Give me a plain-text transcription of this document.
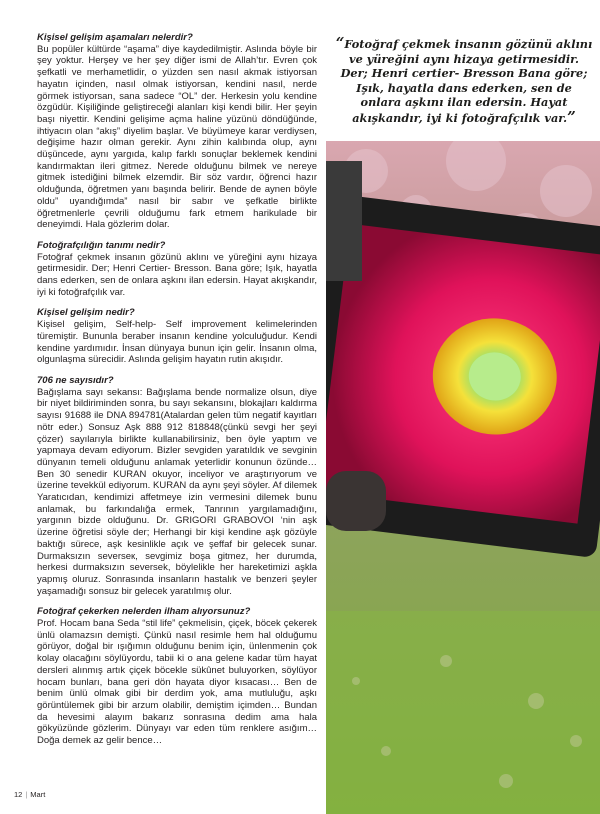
Kişisel gelişim aşamaları nelerdir?

Bu popüler kültürde “aşama” diye kaydedilmiştir. Aslında böyle bir şey yoktur. Herşey ve her şey diğer ismi de Allah’tır. Evren çok şefkatli ve merhametlidir, o yüzden sen nasıl akmak istiyorsan hayatın içinden, nasıl olmak istiyorsan, kendini nasıl, nerde görmek istiyorsan, sana sadece “OL” der. Herkesin yolu kendine özgüdür. Kişiliğinde geliştireceği alanları kişi kendi bilir. Her şeyin başı niyettir. Kendini gelişime açma haline yüzünü döndüğünde, ihtiyacın olan “akış” diyelim başlar. Ve büyümeye karar verdiysen, değişime hazır olman gerekir. Aynı zihin kalıbında olup, aynı düşüncede, aynı yargıda, kalıp farklı sonuçlar beklemek kendini kandırmaktan ileri gitmez. Nerede olduğunu bilmek ve nereye gitmek istediğini bilmek elzemdir. Bir söz vardır, öğrenci hazır olduğunda, öğretmen yanı başında belirir. Bende de aynen böyle oldu” uyandığımda” nasıl bir sabır ve şefkatle birlikte öğretmenlerle çevrili olduğumu fark etmem harikulade bir deneyimdi. Hala gözlerim dolar.

Fotoğrafçılığın tanımı nedir?

Fotoğraf çekmek insanın gözünü aklını ve yüreğini aynı hizaya getirmesidir. Der; Henri Certier- Bresson. Bana göre; Işık, hayatla dans ederken, sen de onlara aşkını ilan edersin. Hayat akışkandır, iyi ki fotoğrafçılık var.

Kişisel gelişim nedir?

Kişisel gelişim, Self-help- Self improvement kelimelerinden türemiştir. Bununla beraber insanın kendine yolculuğudur. Kendi kendine yardımıdır. İnsan dünyaya bunun için gelir. İnsanın olma, olgunlaşma sürecidir. Aslında gelişim hayatın rutin akışıdır.

706 ne sayısıdır?

Bağışlama sayı sekansı: Bağışlama bende normalize olsun, diye bir niyet bildiriminden sonra, bu sayı sekansını, blokajları kaldırma sayısı 91688 ile DNA 894781(Atalardan gelen tüm negatif kayıtları nötr eder.) Sonsuz Aşk 888 912 818848(çünkü sevgi her şeyi çözer) sayılarıyla birlikte kullanabilirsiniz, ben öyle yaptım ve yapmaya devam ediyorum. Bizler sevgiden yaratıldık ve sevginin dünyanın temeli olduğunu anlamak yeterlidir konunun özünde… Ben 30 senedir KURAN okuyor, inceliyor ve araştırıyorum ve üzerine tevekkül ediyorum. KURAN da aynı şeyi söyler. Af dilemek Yaratıcıdan, kendimizi affetmeye izin vermesini dilemek bunu anlamak, bu farkındalığa ermek, Tanrının yargılamadığını, yargının bizde olduğunu. Dr. GRIGORI GRABOVOI ‘nin aşk üzerine öğretisi söyle der; Herhangi bir kişi kendine aşk gözüyle baktığı sürece, aşk kesinlikle açık ve şeffaf bir gelecek sunar. Durmaksızın severseк, sevgimiz boşa gitmez, her durumda, herkesi durmaksızın seversek, böylelikle her hareketimizi aşkla yapmış oluruz. Sonrasında insanların hastalık ve benzeri şeyler yaşamadığı sonsuz bir gelecek yaratılmış olur.

Fotoğraf çekerken nelerden ilham alıyorsunuz?

Prof. Hocam bana Seda “stil life” çekmelisin, çiçek, böcek çekerek ünlü olamazsın demişti. Çünkü nasıl resimle hem hal olduğumu görüyor, doğal bir ışığımın olduğunu benim için, ünlenmenin çok kolay olacağını söylüyordu, tabii ki o ana gelene kadar tüm hayat dersleri alınmış artık çiçek böcekle sükûnet buluyorken, söylüyor hocam bunları, bana geri dön hayata diyor kısacası… Ben de benim ünlü olmak gibi bir derdim yok, ama mutluluğu, aşkı görüntülemek gibi bir arzum olabilir, demiştim içimden… Bundan da hevesimi alayım bakarız sonrasına dedim ama hala gökyüzünde gözlerim. Dünyayı var eden tüm renklere asığım…Doğa demek az gelir bence…

“Fotoğraf çekmek insanın gözünü aklını ve yüreğini aynı hizaya getirmesidir. Der; Henri certier- Bresson Bana göre; Işık, hayatla dans ederken, sen de onlara aşkını ilan edersin. Hayat akışkandır, iyi ki fotoğrafçılık var.”
12 | Mart
